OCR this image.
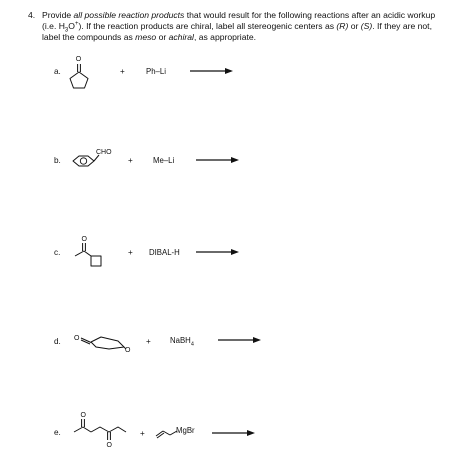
4. Provide all possible reaction products that would result for the following reactions after an acidic workup (i.e. $H_3O^+$). If the reaction products are chiral, label all stereogenic centers as (R) or (S). If they are not, label the compounds as meso or achiral, as appropriate.
a.
O
+	Ph–Li
b.
CHO
+	Me–Li
c.
O
+ DIBAL-H
d. O
O
+ NaBH$_4$
e.
O
O
+	MgBr
